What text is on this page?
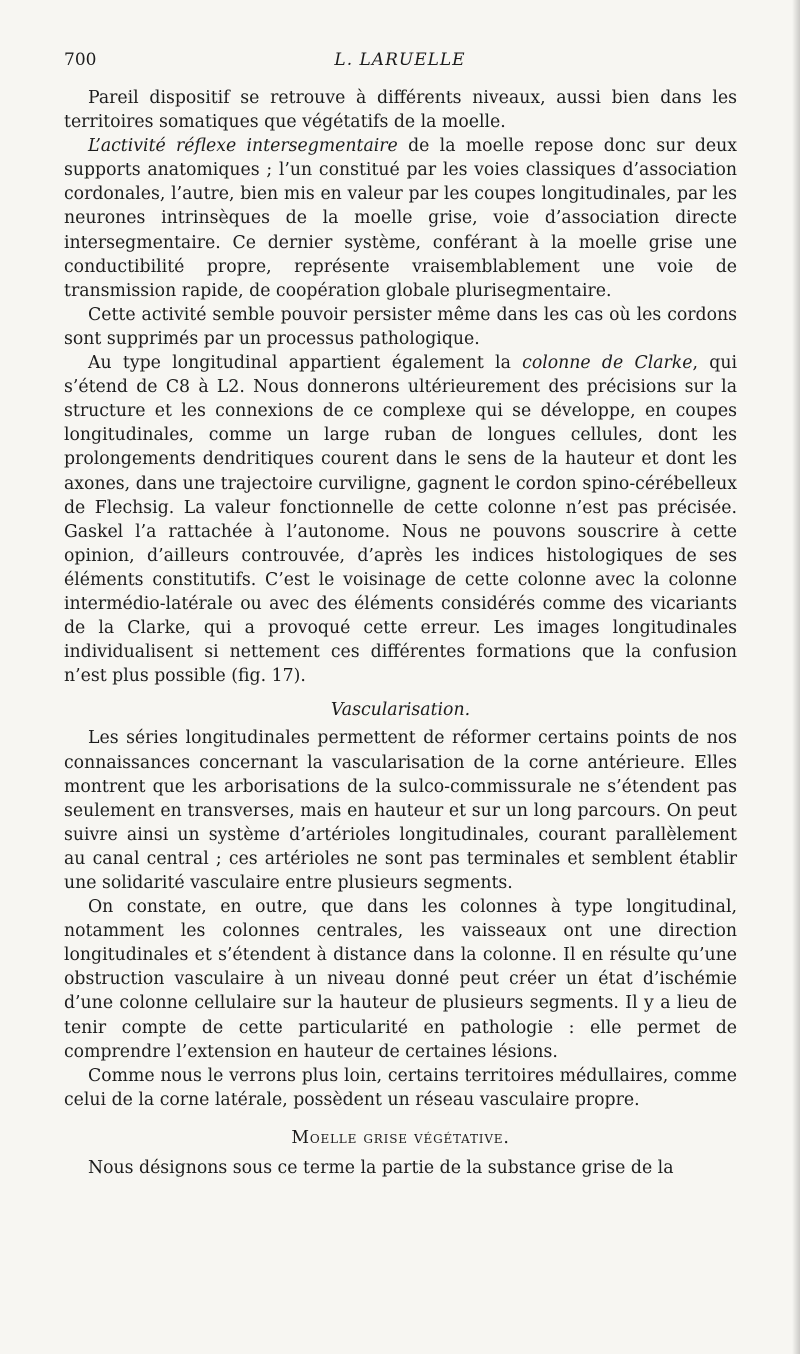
700	L. LARUELLE

Pareil dispositif se retrouve à différents niveaux, aussi bien dans les territoires somatiques que végétatifs de la moelle.

L’activité réflexe intersegmentaire de la moelle repose donc sur deux supports anatomiques ; l’un constitué par les voies classiques d’association cordonales, l’autre, bien mis en valeur par les coupes longitudinales, par les neurones intrinsèques de la moelle grise, voie d’association directe intersegmentaire. Ce dernier système, conférant à la moelle grise une conductibilité propre, représente vraisemblablement une voie de transmission rapide, de coopération globale plurisegmentaire.

Cette activité semble pouvoir persister même dans les cas où les cordons sont supprimés par un processus pathologique.

Au type longitudinal appartient également la colonne de Clarke, qui s’étend de C8 à L2. Nous donnerons ultérieurement des précisions sur la structure et les connexions de ce complexe qui se développe, en coupes longitudinales, comme un large ruban de longues cellules, dont les prolongements dendritiques courent dans le sens de la hauteur et dont les axones, dans une trajectoire curviligne, gagnent le cordon spino-cérébelleux de Flechsig. La valeur fonctionnelle de cette colonne n’est pas précisée. Gaskel l’a rattachée à l’autonome. Nous ne pouvons souscrire à cette opinion, d’ailleurs controuvée, d’après les indices histologiques de ses éléments constitutifs. C’est le voisinage de cette colonne avec la colonne intermédio-latérale ou avec des éléments considérés comme des vicariants de la Clarke, qui a provoqué cette erreur. Les images longitudinales individualisent si nettement ces différentes formations que la confusion n’est plus possible (fig. 17).

Vascularisation.

Les séries longitudinales permettent de réformer certains points de nos connaissances concernant la vascularisation de la corne antérieure. Elles montrent que les arborisations de la sulco-commissurale ne s’étendent pas seulement en transverses, mais en hauteur et sur un long parcours. On peut suivre ainsi un système d’artérioles longitudinales, courant parallèlement au canal central ; ces artérioles ne sont pas terminales et semblent établir une solidarité vasculaire entre plusieurs segments.

On constate, en outre, que dans les colonnes à type longitudinal, notamment les colonnes centrales, les vaisseaux ont une direction longitudinales et s’étendent à distance dans la colonne. Il en résulte qu’une obstruction vasculaire à un niveau donné peut créer un état d’ischémie d’une colonne cellulaire sur la hauteur de plusieurs segments. Il y a lieu de tenir compte de cette particularité en pathologie : elle permet de comprendre l’extension en hauteur de certaines lésions.

Comme nous le verrons plus loin, certains territoires médullaires, comme celui de la corne latérale, possèdent un réseau vasculaire propre.

Moelle grise végétative.

Nous désignons sous ce terme la partie de la substance grise de la
